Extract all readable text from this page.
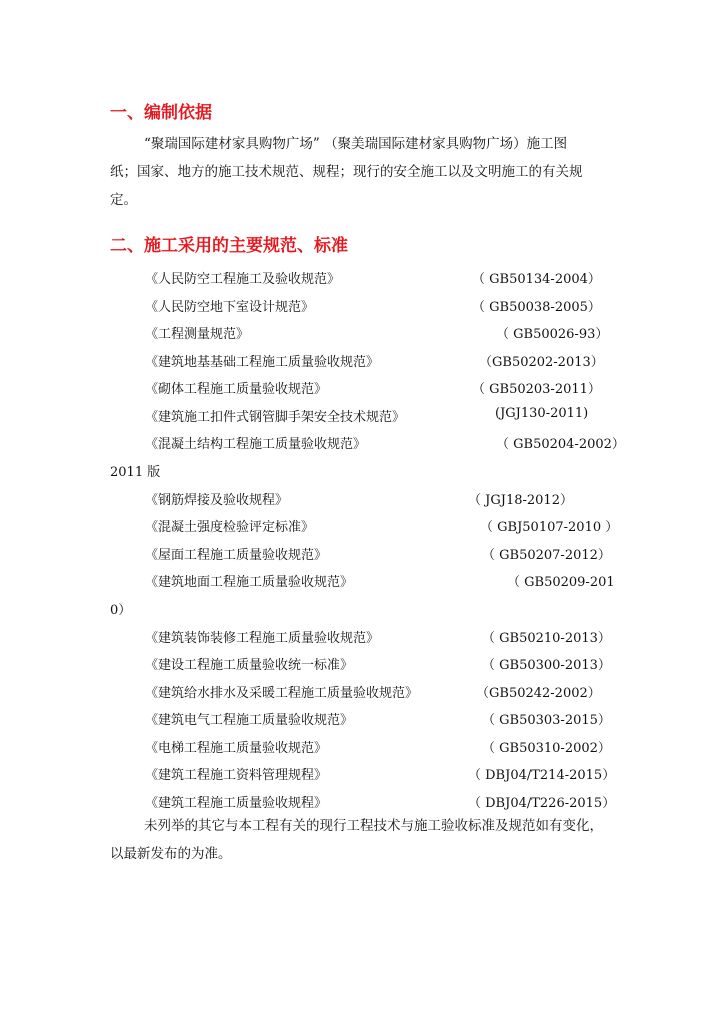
一、编制依据
“聚瑞国际建材家具购物广场” （聚美瑞国际建材家具购物广场）施工图
纸；国家、地方的施工技术规范、规程；现行的安全施工以及文明施工的有关规
定。
二、施工采用的主要规范、标准
《人民防空工程施工及验收规范》	（ GB50134-2004）
《人民防空地下室设计规范》	（ GB50038-2005）
《工程测量规范》	（ GB50026-93）
《建筑地基基础工程施工质量验收规范》	（GB50202-2013）
《砌体工程施工质量验收规范》	（ GB50203-2011）
《建筑施工扣件式钢管脚手架安全技术规范》	(JGJ130-2011)
《混凝土结构工程施工质量验收规范》	（ GB50204-2002）
2011 版
《钢筋焊接及验收规程》	（ JGJ18-2012）
《混凝土强度检验评定标准》	（ GBJ50107-2010 ）
《屋面工程施工质量验收规范》	（ GB50207-2012）
《建筑地面工程施工质量验收规范》	（ GB50209-201
0）
《建筑装饰装修工程施工质量验收规范》	（ GB50210-2013）
《建设工程施工质量验收统一标准》	（ GB50300-2013）
《建筑给水排水及采暖工程施工质量验收规范》	（GB50242-2002）
《建筑电气工程施工质量验收规范》	（ GB50303-2015）
《电梯工程施工质量验收规范》	（ GB50310-2002）
《建筑工程施工资料管理规程》	（ DBJ04/T214-2015）
《建筑工程施工质量验收规程》	（ DBJ04/T226-2015）
未列举的其它与本工程有关的现行工程技术与施工验收标准及规范如有变化，
以最新发布的为准。
